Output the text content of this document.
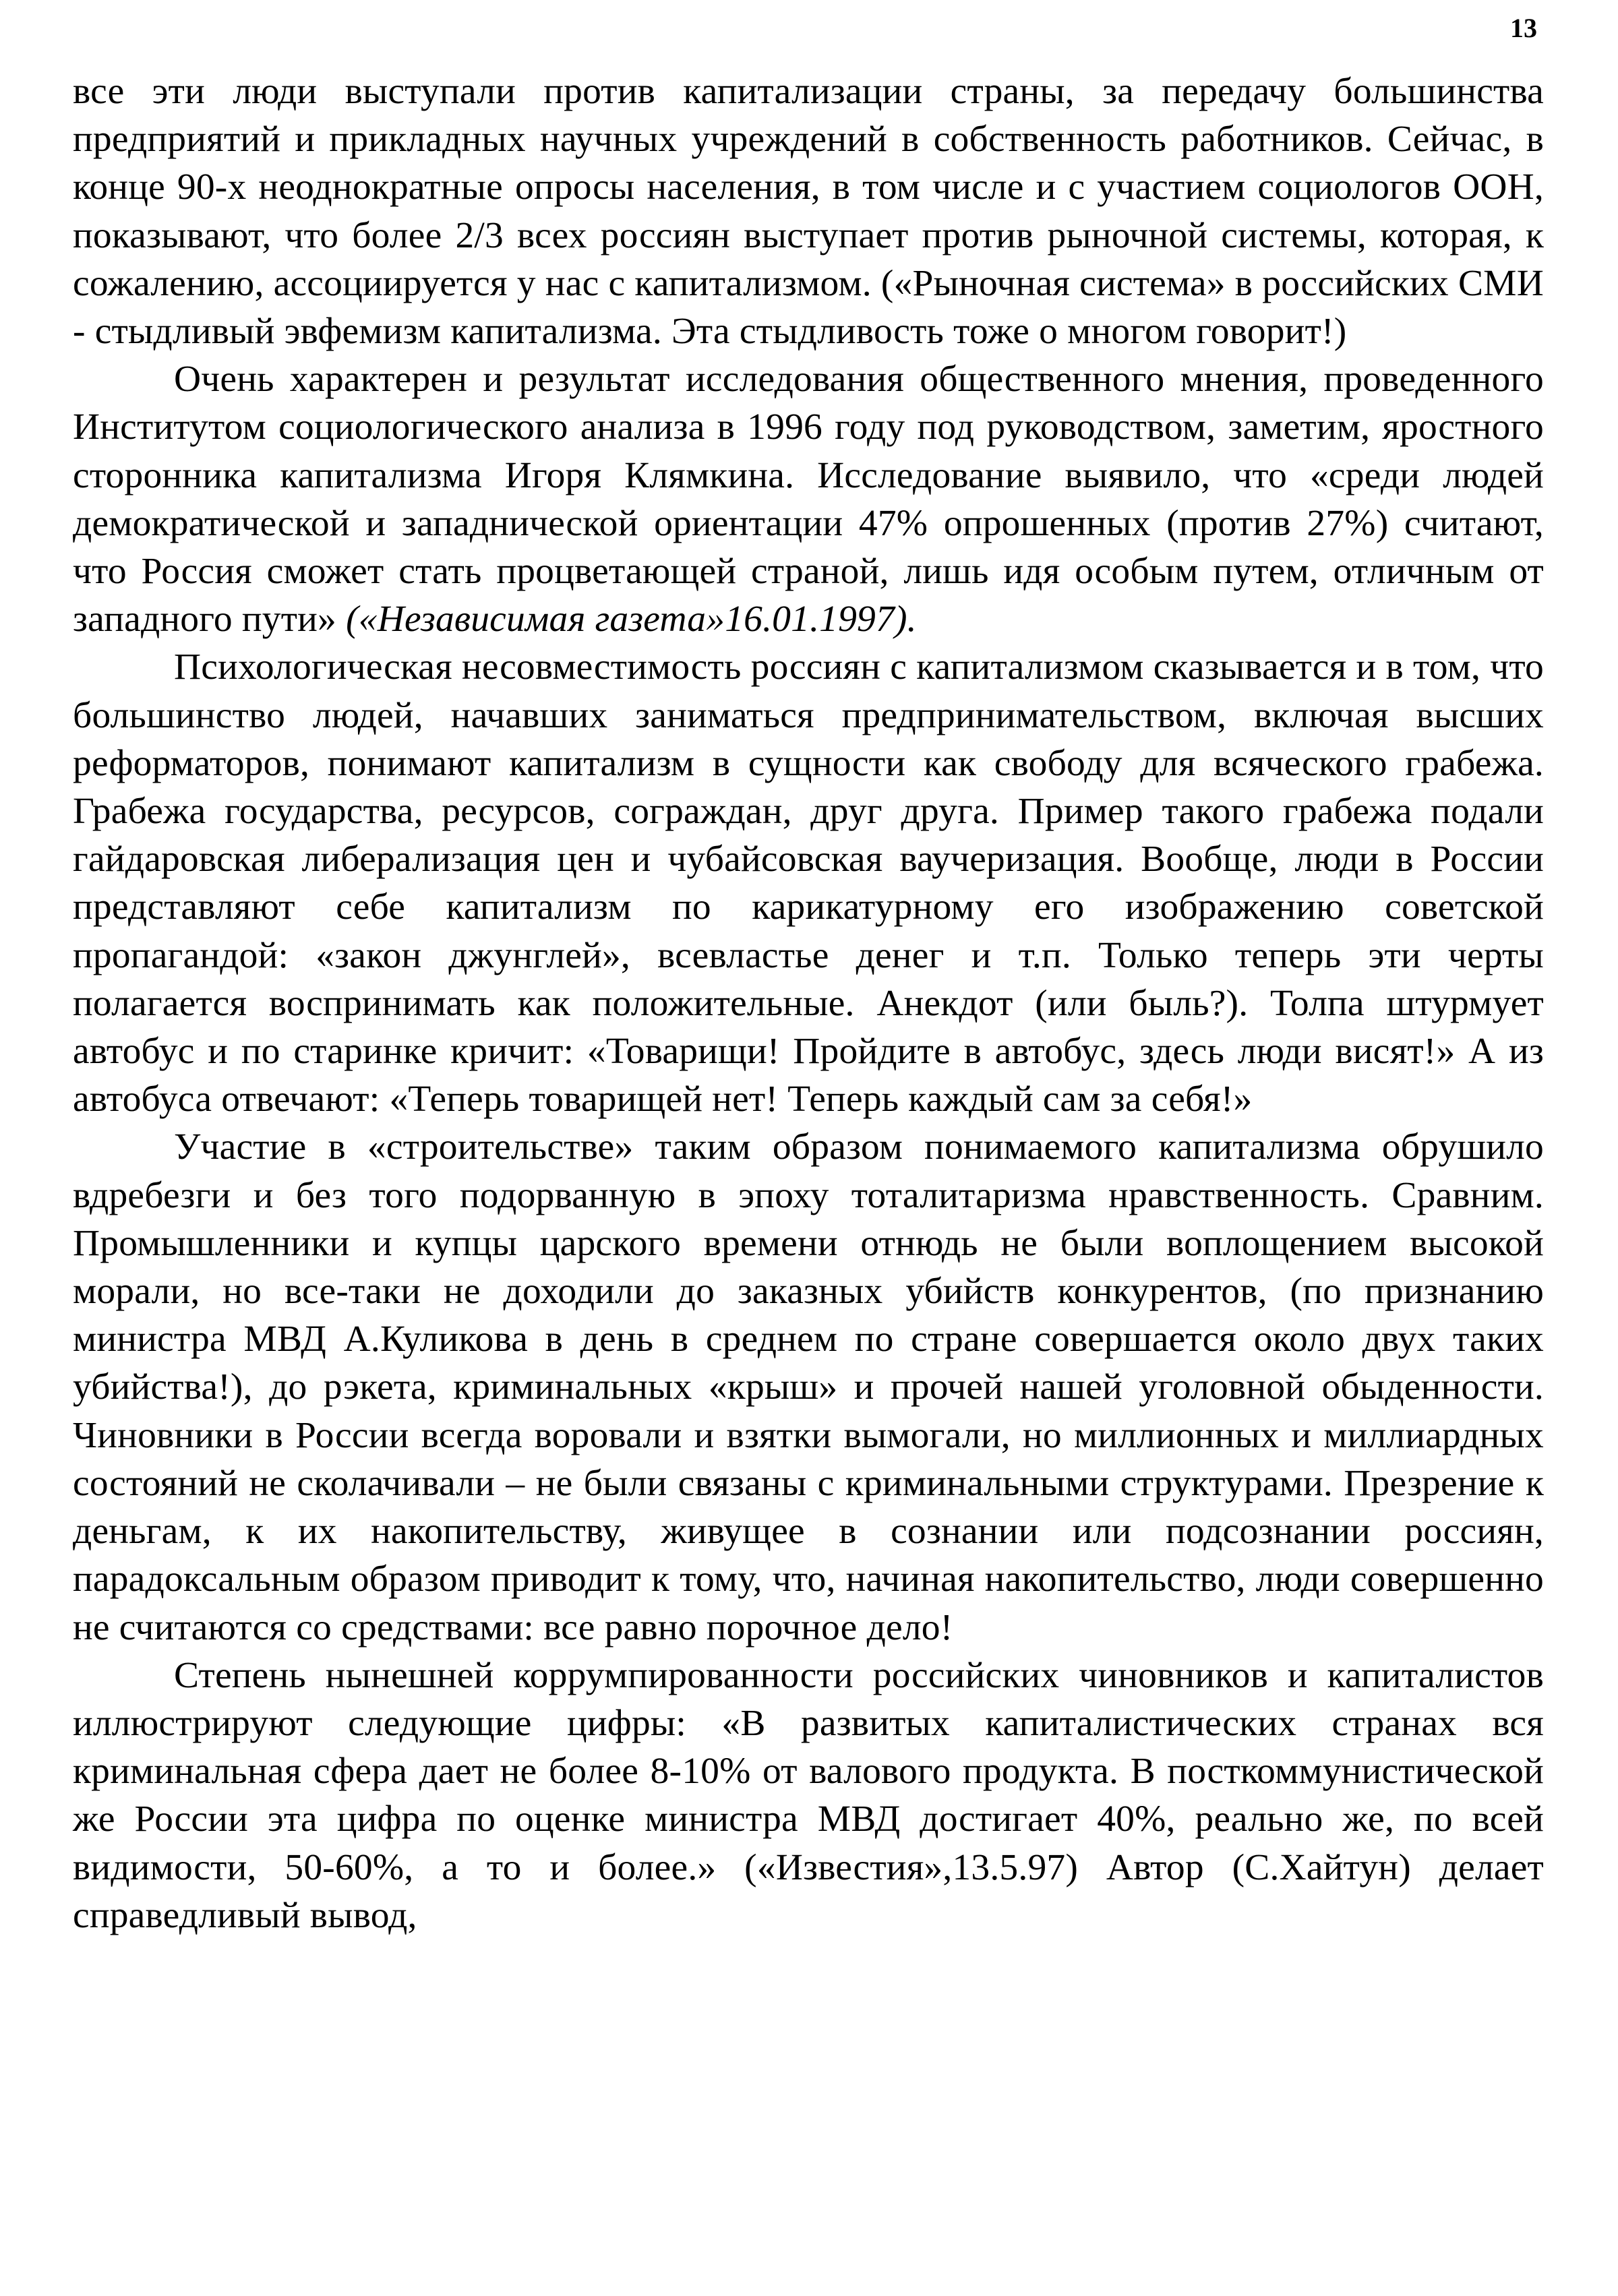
13

все эти люди выступали против капитализации страны, за передачу большинства предприятий и прикладных научных учреждений в собственность работников. Сейчас, в конце 90-х неоднократные опросы населения, в том числе и с участием социологов ООН, показывают, что более 2/3 всех россиян выступает против рыночной системы, которая, к сожалению, ассоциируется у нас с капитализмом. («Рыночная система» в российских СМИ - стыдливый эвфемизм капитализма. Эта стыдливость тоже о многом говорит!)

Очень характерен и результат исследования общественного мнения, проведенного Институтом социологического анализа в 1996 году под руководством, заметим, яростного сторонника капитализма Игоря Клямкина. Исследование выявило, что «среди людей демократической и западнической ориентации 47% опрошенных (против 27%) считают, что Россия сможет стать процветающей страной, лишь идя особым путем, отличным от западного пути» («Независимая газета»16.01.1997).

Психологическая несовместимость россиян с капитализмом сказывается и в том, что большинство людей, начавших заниматься предпринимательством, включая высших реформаторов, понимают капитализм в сущности как свободу для всяческого грабежа. Грабежа государства, ресурсов, сограждан, друг друга. Пример такого грабежа подали гайдаровская либерализация цен и чубайсовская ваучеризация. Вообще, люди в России представляют себе капитализм по карикатурному его изображению советской пропагандой: «закон джунглей», всевластье денег и т.п. Только теперь эти черты полагается воспринимать как положительные. Анекдот (или быль?). Толпа штурмует автобус и по старинке кричит: «Товарищи! Пройдите в автобус, здесь люди висят!» А из автобуса отвечают: «Теперь товарищей нет! Теперь каждый сам за себя!»

Участие в «строительстве» таким образом понимаемого капитализма обрушило вдребезги и без того подорванную в эпоху тоталитаризма нравственность. Сравним. Промышленники и купцы царского времени отнюдь не были воплощением высокой морали, но все-таки не доходили до заказных убийств конкурентов, (по признанию министра МВД А.Куликова в день в среднем по стране совершается около двух таких убийства!), до рэкета, криминальных «крыш» и прочей нашей уголовной обыденности. Чиновники в России всегда воровали и взятки вымогали, но миллионных и миллиардных состояний не сколачивали – не были связаны с криминальными структурами. Презрение к деньгам, к их накопительству, живущее в сознании или подсознании россиян, парадоксальным образом приводит к тому, что, начиная накопительство, люди совершенно не считаются со средствами: все равно порочное дело!

Степень нынешней коррумпированности российских чиновников и капиталистов иллюстрируют следующие цифры: «В развитых капиталистических странах вся криминальная сфера дает не более 8-10% от валового продукта. В посткоммунистической же России эта цифра по оценке министра МВД достигает 40%, реально же, по всей видимости, 50-60%, а то и более.» («Известия»,13.5.97) Автор (С.Хайтун) делает справедливый вывод,
